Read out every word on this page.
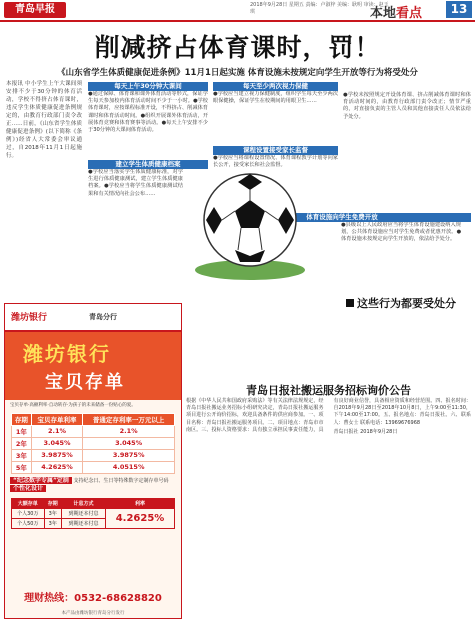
青岛早报	2018年9月28日 星期五 责编：卢淑梓 美编：耿明 审读：赵玉琪	本地看点	13
削减挤占体育课时，罚！
《山东省学生体质健康促进条例》11月1日起实施 体育设施未按规定向学生开放等行为将受处分
本报讯 中小学生上午大课间须安排不少于30分钟的体育活动，学校不得挤占体育课时，违反学生体质健康促进条例规定的，由教育行政部门责令改正……日前，《山东省学生体质健康促进条例》(以下简称《条例》)经省人大常委会审议通过，自2018年11月1日起施行。
每天上午30分钟大课间
●通过保障、体育课和课外体育活动等形式，保证学生每天参加校内体育活动时间不少于一小时。●学校体育课时，应按课程标准开设，不得挤占、削减体育课时和体育活动时间。●组织开展课外体育活动，开展体育竞赛和体育赛事等活动。●每天上午安排不少于30分钟的大课间体育活动。
建立学生体质健康档案
●学校应当落实学生体质健康标准，对学生进行体质健康测试，建立学生体质健康档案。●学校应当将学生体质健康测试结果和有关情况向社会公布……
每天至少两次视力保健
●学校应当建立视力保健制度，组织学生每天至少两次眼保健操，保证学生在校期间的用眼卫生……
课程设置接受家长监督
●学校应当将课程设置情况、体育课程教学计划等向家长公开，接受家长和社会监督。
●学校未按照规定开设体育课、挤占削减体育课时和体育活动时间的，由教育行政部门责令改正；情节严重的，对直接负责的主管人员和其他直接责任人员依法给予处分。
体育设施向学生免费开放
●县级以上人民政府应当将学生体育设施建设纳入规划，公共体育设施应当对学生免费或者优惠开放。●体育设施未按规定向学生开放的，依法给予处分。
这些行为都要受处分
潍坊银行	青岛分行
潍坊银行
宝贝存单
宝贝存单·高额利率·自动转存·为孩子的未来储备一份贴心的爱。
存期	宝贝存单利率	普通定存利率一万元以上
1年	2.1%	2.1%
2年	3.045%	3.045%
3年	3.9875%	3.9875%
5年	4.2625%	4.0515%
“纪念数字专属”定制 支持纪念日、生日等特殊数字定制存单号码
个性化设计
大额存单	存期	计息方式	利率
个人30万	3年	到期还本付息	4.2625%
个人50万	3年	到期还本付息	
理财热线：0532-68628820
本产品由潍坊银行青岛分行发行
青岛日报社搬运服务招标询价公告
根据《中华人民共和国政府采购法》等有关法律法规规定，经青岛日报社搬运业务招标小组研究决定，青岛日报社搬运服务项目进行公开询价招标，欢迎具备条件的供应商参加。一、项目名称：青岛日报社搬运服务项目。二、项目地点：青岛市市南区。三、投标人资格要求：具有独立承担民事责任能力，具有良好商业信誉，具备相应资质和经营范围。四、报名时间：自2018年9月28日至2018年10月8日，上午9:00至11:30，下午14:00至17:00。五、报名地点：青岛日报社。六、联系人：曹女士 联系电话：13969676968
青岛日报社 2018年9月28日
